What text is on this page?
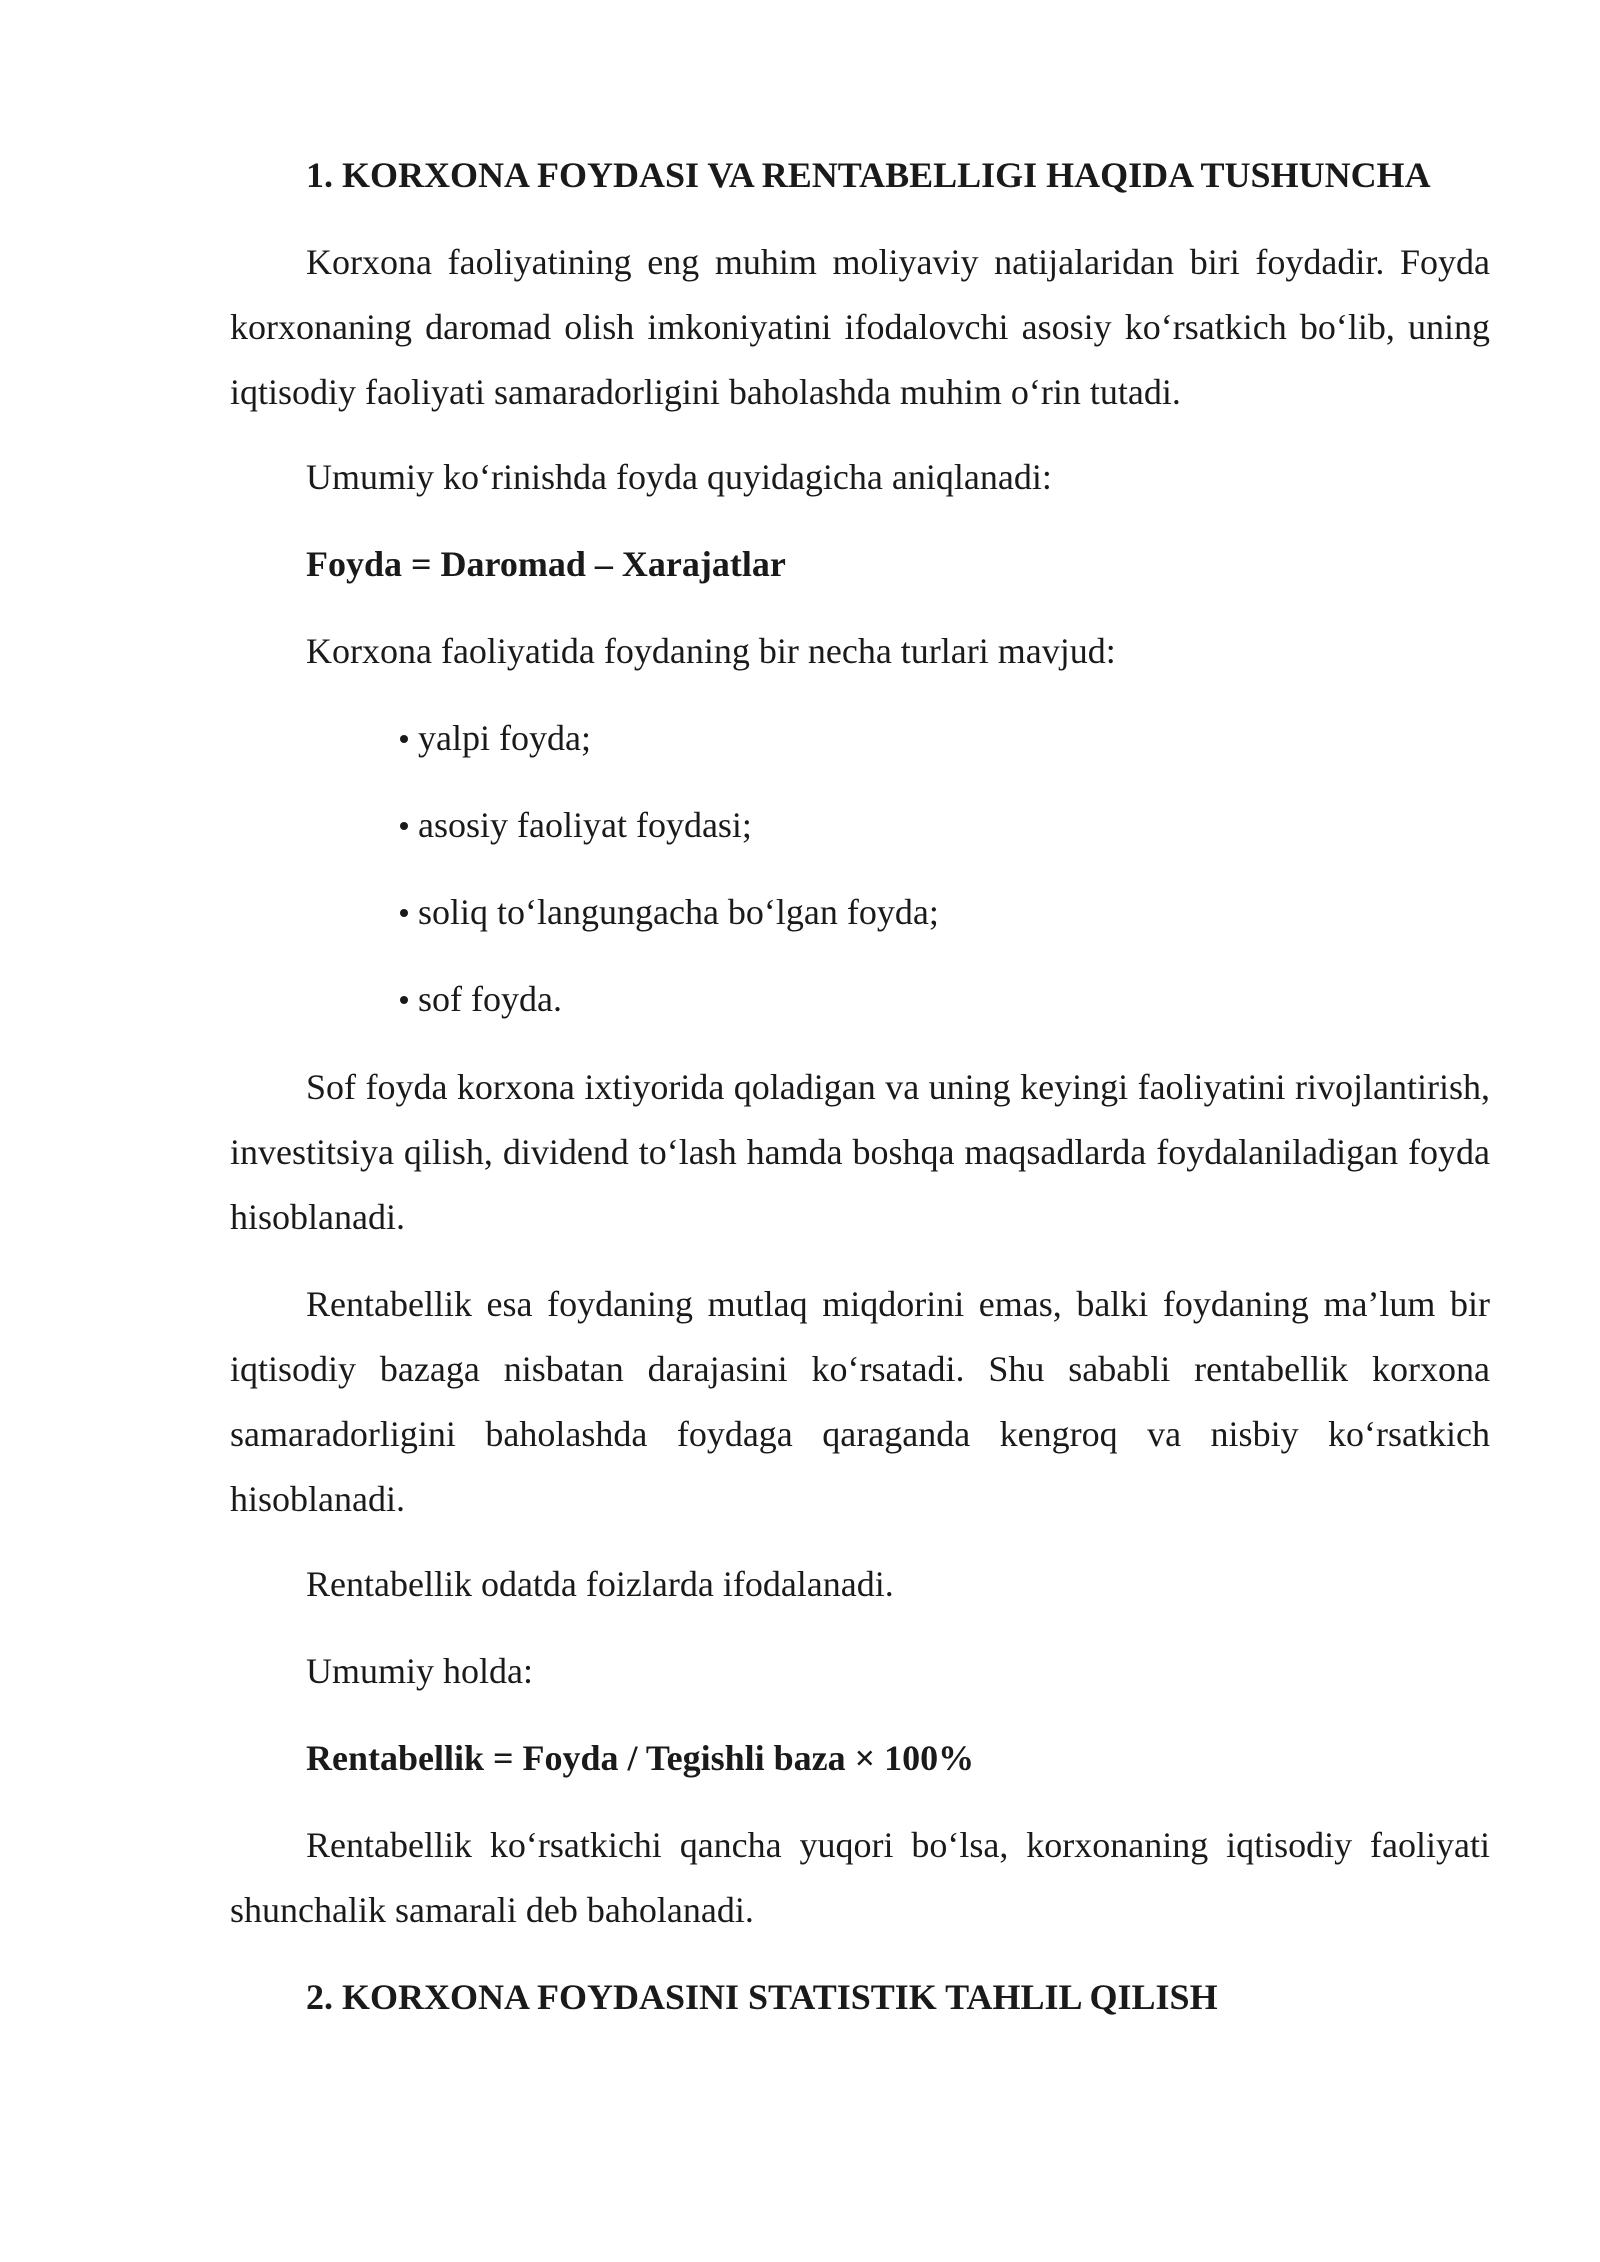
1. KORXONA FOYDASI VA RENTABELLIGI HAQIDA TUSHUNCHA
Korxona faoliyatining eng muhim moliyaviy natijalaridan biri foydadir. Foyda korxonaning daromad olish imkoniyatini ifodalovchi asosiy ko‘rsatkich bo‘lib, uning iqtisodiy faoliyati samaradorligini baholashda muhim o‘rin tutadi.
Umumiy ko‘rinishda foyda quyidagicha aniqlanadi:
Foyda = Daromad – Xarajatlar
Korxona faoliyatida foydaning bir necha turlari mavjud:
yalpi foyda;
asosiy faoliyat foydasi;
soliq to‘langungacha bo‘lgan foyda;
sof foyda.
Sof foyda korxona ixtiyorida qoladigan va uning keyingi faoliyatini rivojlantirish, investitsiya qilish, dividend to‘lash hamda boshqa maqsadlarda foydalaniladigan foyda hisoblanadi.
Rentabellik esa foydaning mutlaq miqdorini emas, balki foydaning ma’lum bir iqtisodiy bazaga nisbatan darajasini ko‘rsatadi. Shu sababli rentabellik korxona samaradorligini baholashda foydaga qaraganda kengroq va nisbiy ko‘rsatkich hisoblanadi.
Rentabellik odatda foizlarda ifodalanadi.
Umumiy holda:
Rentabellik = Foyda / Tegishli baza × 100%
Rentabellik ko‘rsatkichi qancha yuqori bo‘lsa, korxonaning iqtisodiy faoliyati shunchalik samarali deb baholanadi.
2. KORXONA FOYDASINI STATISTIK TAHLIL QILISH
